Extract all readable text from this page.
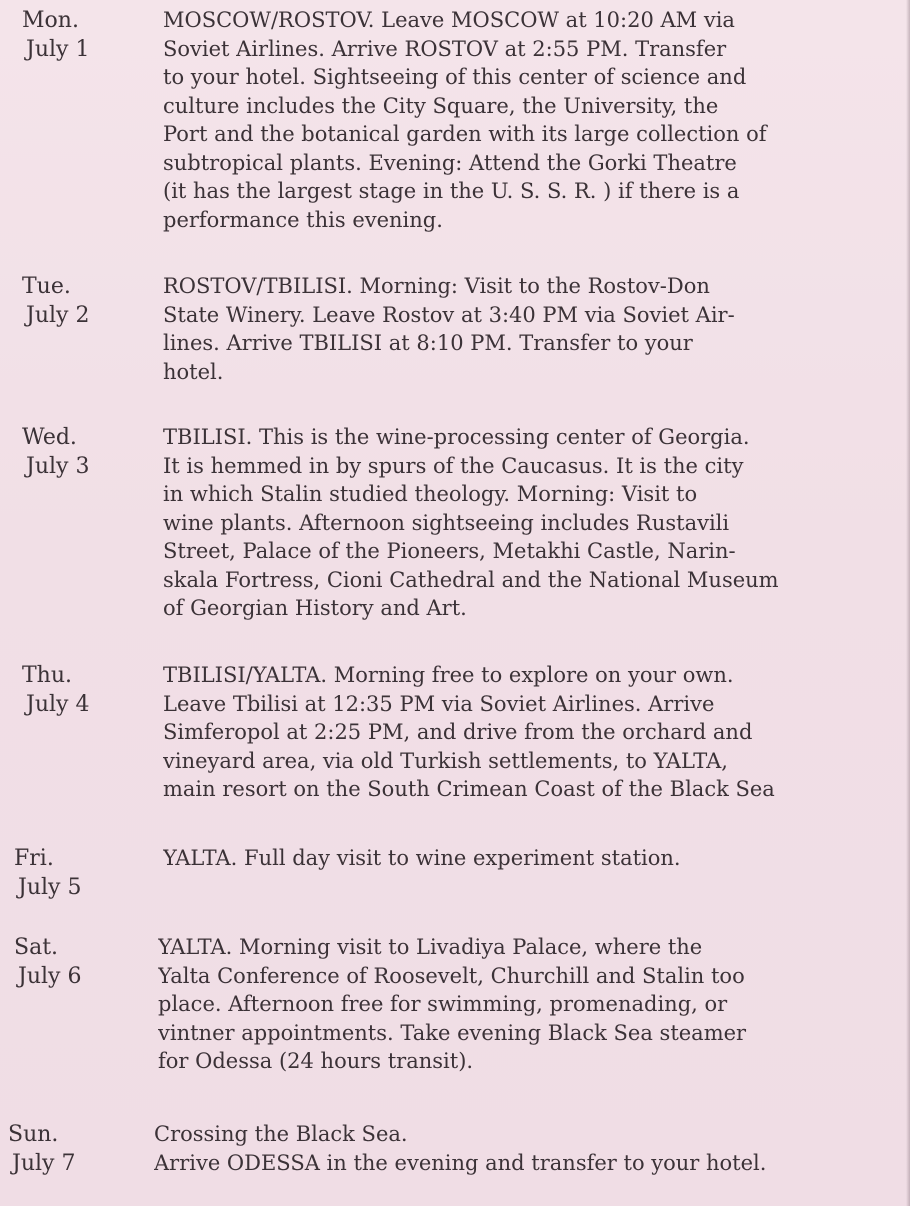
Mon.
July 1
MOSCOW/ROSTOV. Leave MOSCOW at 10:20 AM via
Soviet Airlines. Arrive ROSTOV at 2:55 PM. Transfer
to your hotel. Sightseeing of this center of science and
culture includes the City Square, the University, the
Port and the botanical garden with its large collection of
subtropical plants. Evening: Attend the Gorki Theatre
(it has the largest stage in the U. S. S. R. ) if there is a
performance this evening.
Tue.
July 2
ROSTOV/TBILISI. Morning: Visit to the Rostov-Don
State Winery. Leave Rostov at 3:40 PM via Soviet Air-
lines. Arrive TBILISI at 8:10 PM. Transfer to your
hotel.
Wed.
July 3
TBILISI. This is the wine-processing center of Georgia.
It is hemmed in by spurs of the Caucasus. It is the city
in which Stalin studied theology. Morning: Visit to
wine plants. Afternoon sightseeing includes Rustavili
Street, Palace of the Pioneers, Metakhi Castle, Narin-
skala Fortress, Cioni Cathedral and the National Museum
of Georgian History and Art.
Thu.
July 4
TBILISI/YALTA. Morning free to explore on your own.
Leave Tbilisi at 12:35 PM via Soviet Airlines. Arrive
Simferopol at 2:25 PM, and drive from the orchard and
vineyard area, via old Turkish settlements, to YALTA,
main resort on the South Crimean Coast of the Black Sea
Fri.
July 5
YALTA. Full day visit to wine experiment station.
Sat.
July 6
YALTA. Morning visit to Livadiya Palace, where the
Yalta Conference of Roosevelt, Churchill and Stalin too
place. Afternoon free for swimming, promenading, or
vintner appointments. Take evening Black Sea steamer
for Odessa (24 hours transit).
Sun.
July 7
Crossing the Black Sea.
Arrive ODESSA in the evening and transfer to your hotel.
